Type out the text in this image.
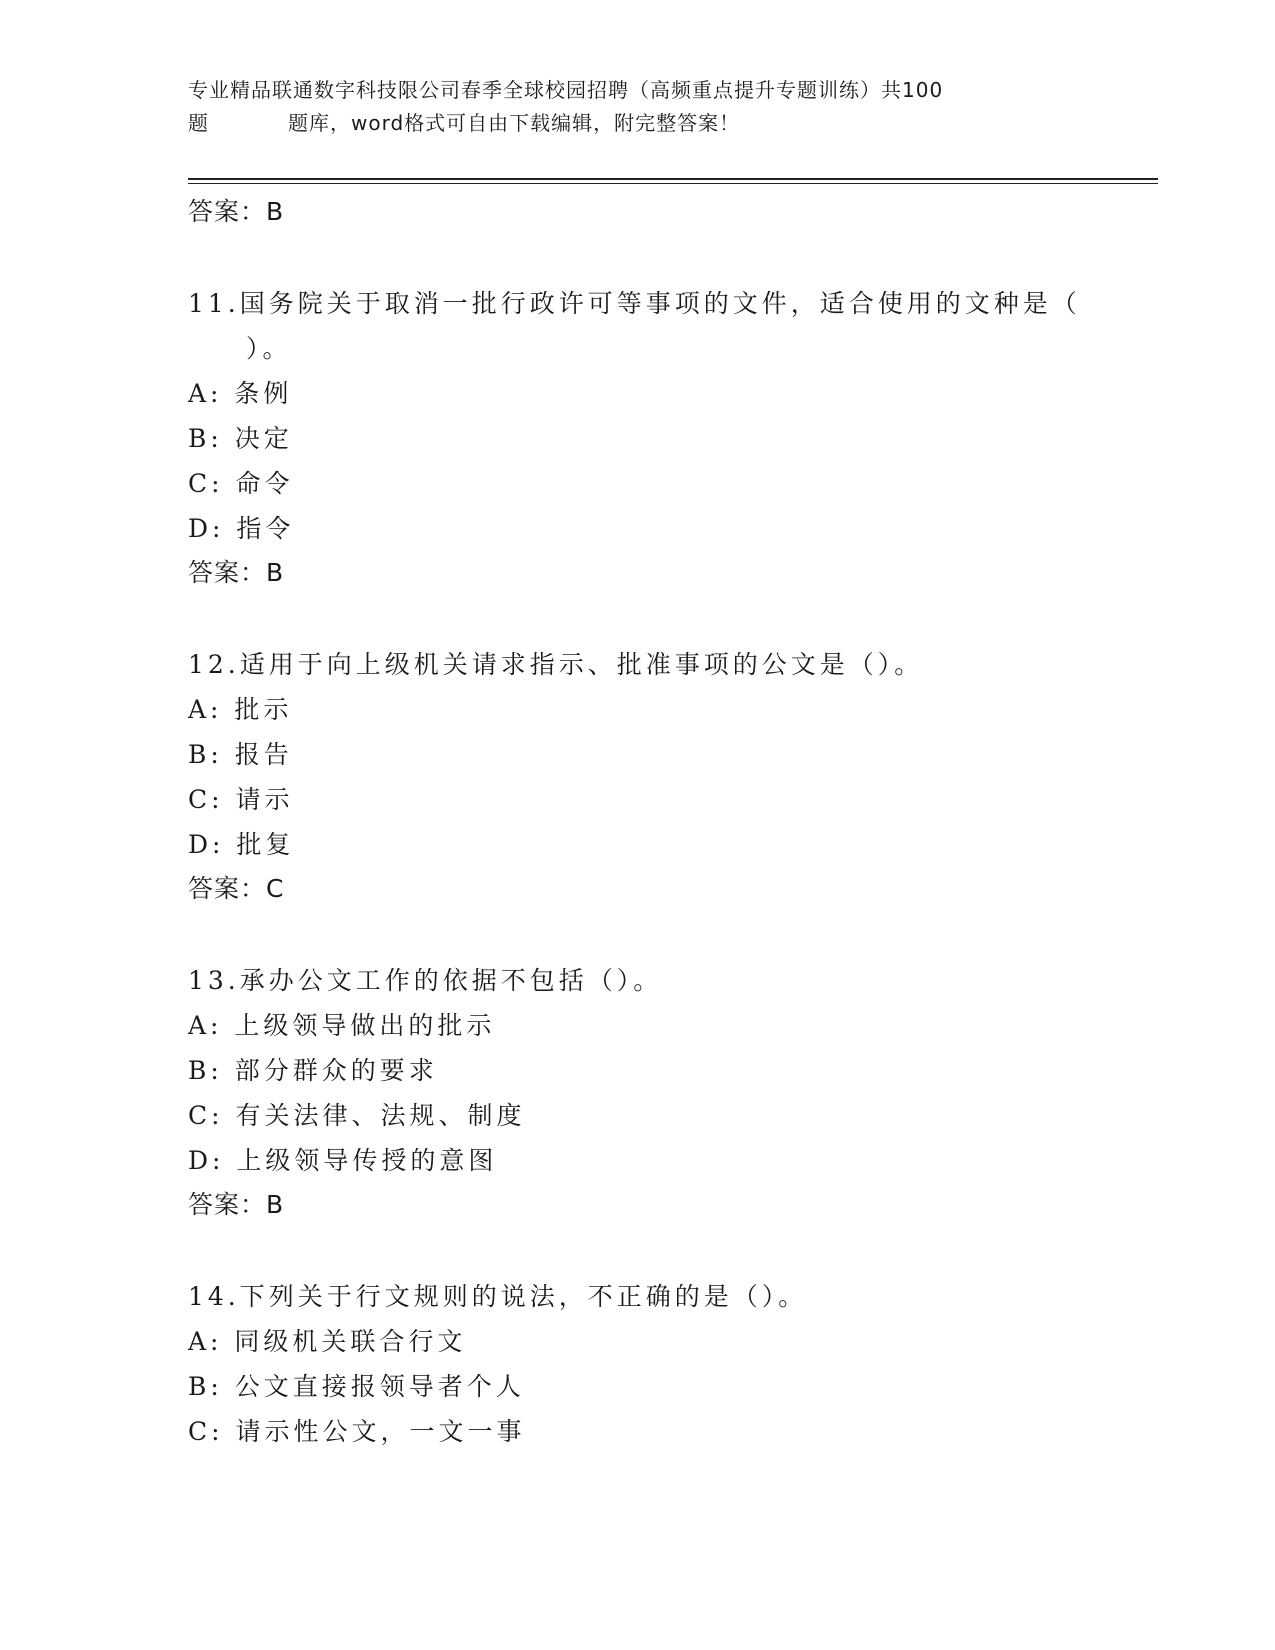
专业精品联通数字科技限公司春季全球校园招聘（高频重点提升专题训练）共100
题	题库，word格式可自由下载编辑，附完整答案！
答案：B
11.国务院关于取消一批行政许可等事项的文件，适合使用的文种是（
）。
A: 条例
B: 决定
C: 命令
D: 指令
答案：B
12.适用于向上级机关请求指示、批准事项的公文是（）。
A: 批示
B: 报告
C: 请示
D: 批复
答案：C
13.承办公文工作的依据不包括（）。
A: 上级领导做出的批示
B: 部分群众的要求
C: 有关法律、法规、制度
D: 上级领导传授的意图
答案：B
14.下列关于行文规则的说法，不正确的是（）。
A: 同级机关联合行文
B: 公文直接报领导者个人
C: 请示性公文，一文一事
